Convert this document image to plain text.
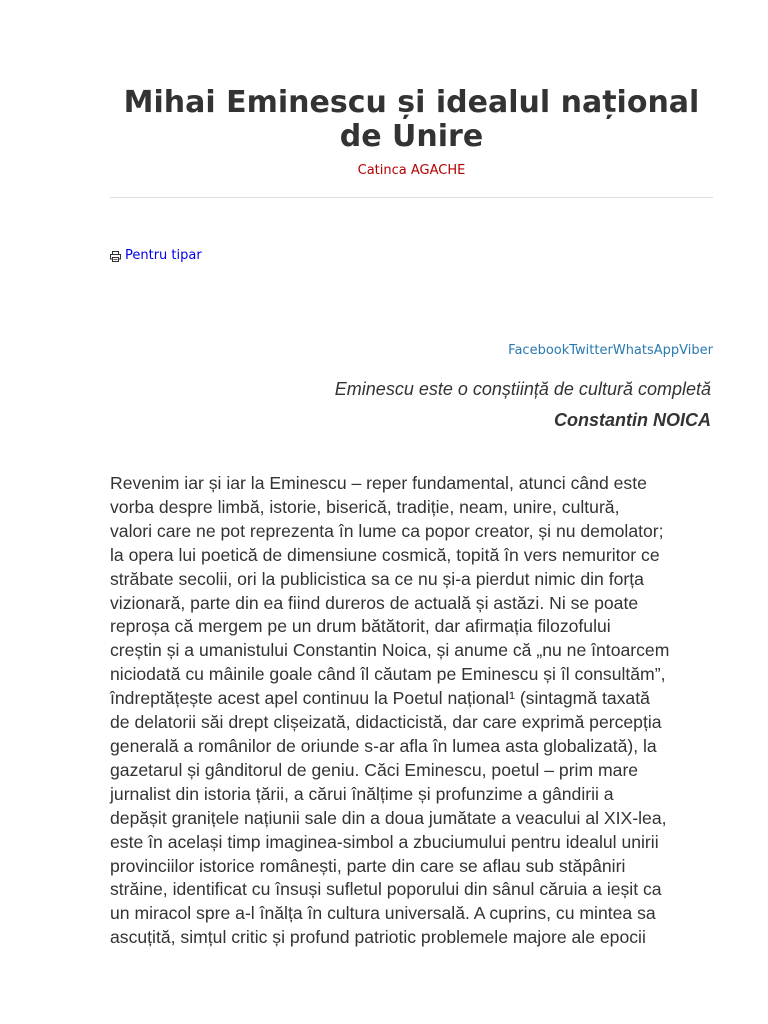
Mihai Eminescu și idealul național de Unire
Catinca AGACHE
Pentru tipar
Facebook Twitter WhatsApp Viber
Eminescu este o conștiință de cultură completă
Constantin NOICA
Revenim iar și iar la Eminescu – reper fundamental, atunci când este
vorba despre limbă, istorie, biserică, tradiție, neam, unire, cultură,
valori care ne pot reprezenta în lume ca popor creator, și nu demolator;
la opera lui poetică de dimensiune cosmică, topită în vers nemuritor ce
străbate secolii, ori la publicistica sa ce nu și-a pierdut nimic din forța
vizionară, parte din ea fiind dureros de actuală și astăzi. Ni se poate
reproșa că mergem pe un drum bătătorit, dar afirmația filozofului
creștin și a umanistului Constantin Noica, și anume că „nu ne întoarcem
niciodată cu mâinile goale când îl căutam pe Eminescu și îl consultăm”,
îndreptățește acest apel continuu la Poetul național¹ (sintagmă taxată
de delatorii săi drept clișeizată, didacticistă, dar care exprimă percepția
generală a românilor de oriunde s-ar afla în lumea asta globalizată), la
gazetarul și gânditorul de geniu. Căci Eminescu, poetul – prim mare
jurnalist din istoria țării, a cărui înălțime și profunzime a gândirii a
depășit granițele națiunii sale din a doua jumătate a veacului al XIX-lea,
este în același timp imaginea-simbol a zbuciumului pentru idealul unirii
provinciilor istorice românești, parte din care se aflau sub stăpâniri
străine, identificat cu însuși sufletul poporului din sânul căruia a ieșit ca
un miracol spre a-l înălța în cultura universală. A cuprins, cu mintea sa
ascuțită, simțul critic și profund patriotic problemele majore ale epocii
